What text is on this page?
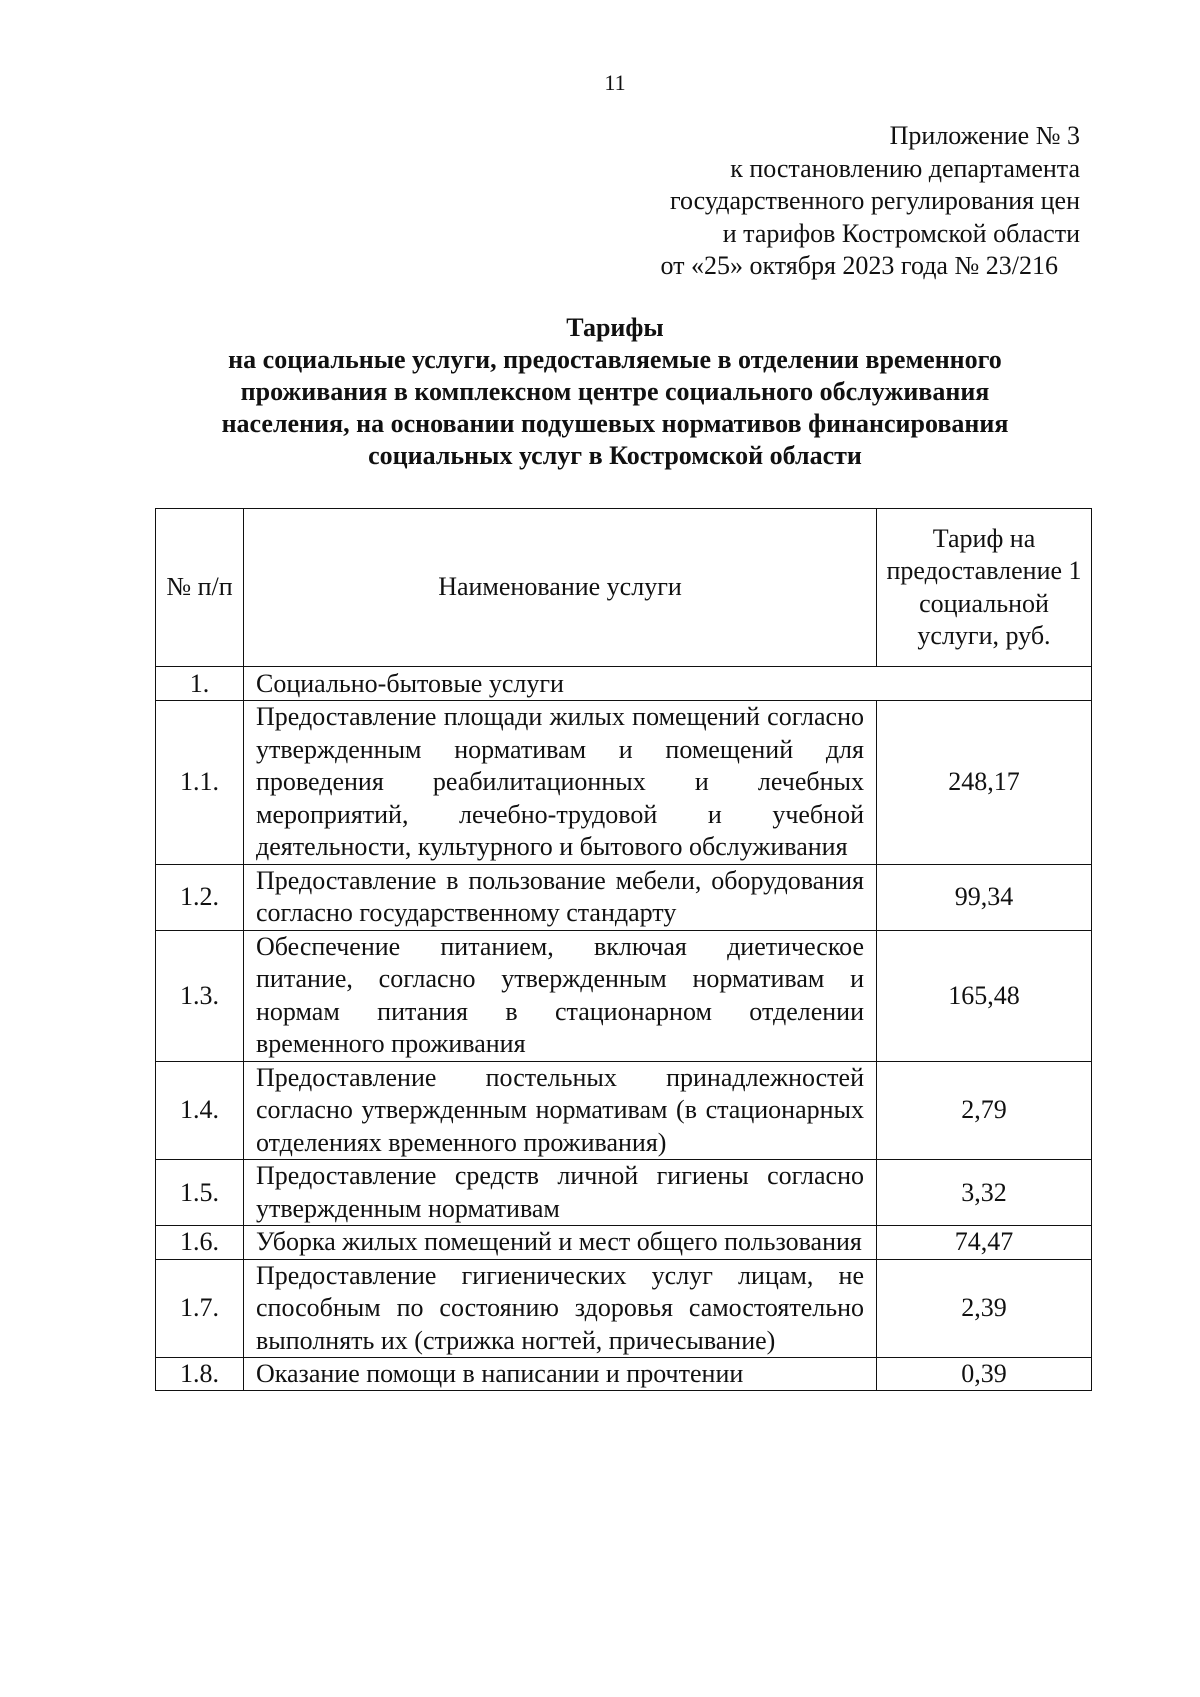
11
Приложение № 3
к постановлению департамента
государственного регулирования цен
и тарифов Костромской области
от «25» октября 2023 года № 23/216
Тарифы
на социальные услуги, предоставляемые в отделении временного
проживания в комплексном центре социального обслуживания
населения, на основании подушевых нормативов финансирования
социальных услуг в Костромской области
№ п/п	Наименование услуги	Тариф на предоставление 1 социальной услуги, руб.

1.	Социально-бытовые услуги	

1.1.	Предоставление площади жилых помещений согласно утвержденным нормативам и помещений для проведения реабилитационных и лечебных мероприятий, лечебно-трудовой и учебной деятельности, культурного и бытового обслуживания	248,17
1.2.	Предоставление в пользование мебели, оборудования согласно государственному стандарту	99,34
1.3.	Обеспечение питанием, включая диетическое питание, согласно утвержденным нормативам и нормам питания в стационарном отделении временного проживания	165,48
1.4.	Предоставление постельных принадлежностей согласно утвержденным нормативам (в стационарных отделениях временного проживания)	2,79
1.5.	Предоставление средств личной гигиены согласно утвержденным нормативам	3,32
1.6.	Уборка жилых помещений и мест общего пользования	74,47
1.7.	Предоставление гигиенических услуг лицам, не способным по состоянию здоровья самостоятельно выполнять их (стрижка ногтей, причесывание)	2,39
1.8.	Оказание помощи в написании и прочтении	0,39
